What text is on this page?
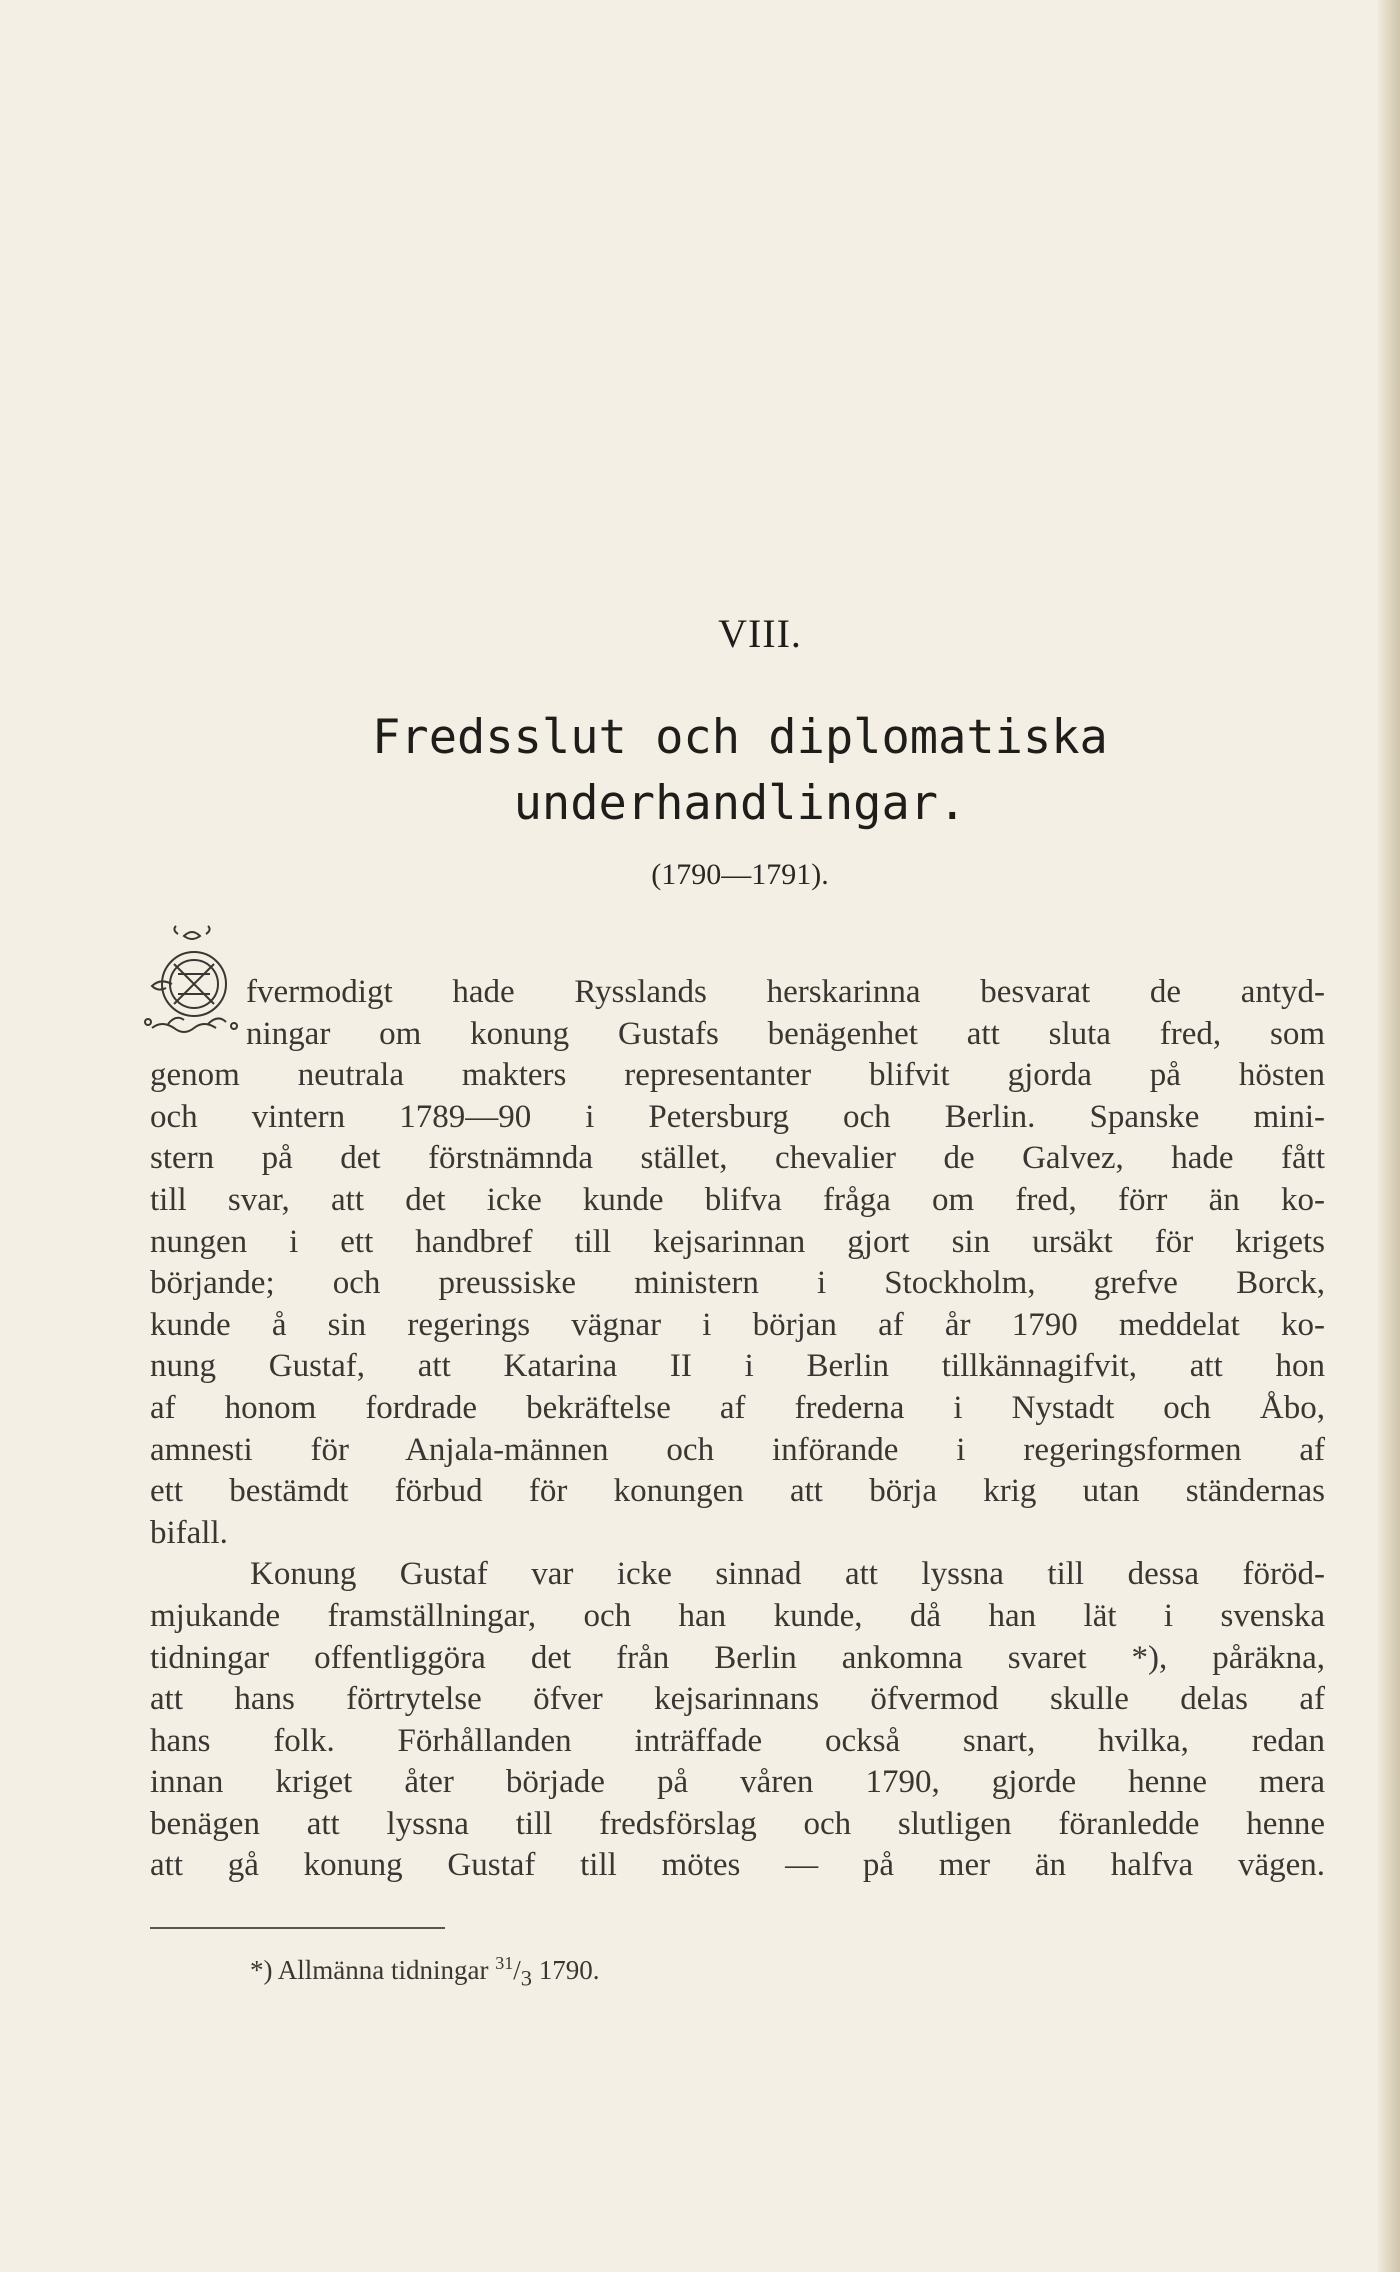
VIII.
Fredsslut och diplomatiska
underhandlingar.
(1790—1791).
fvermodigt hade Rysslands herskarinna besvarat de antyd-
ningar om konung Gustafs benägenhet att sluta fred, som
genom neutrala makters representanter blifvit gjorda på hösten
och vintern 1789—90 i Petersburg och Berlin. Spanske mini-
stern på det förstnämnda stället, chevalier de Galvez, hade fått
till svar, att det icke kunde blifva fråga om fred, förr än ko-
nungen i ett handbref till kejsarinnan gjort sin ursäkt för krigets
börjande; och preussiske ministern i Stockholm, grefve Borck,
kunde å sin regerings vägnar i början af år 1790 meddelat ko-
nung Gustaf, att Katarina II i Berlin tillkännagifvit, att hon
af honom fordrade bekräftelse af frederna i Nystadt och Åbo,
amnesti för Anjala-männen och införande i regeringsformen af
ett bestämdt förbud för konungen att börja krig utan ständernas
bifall.
Konung Gustaf var icke sinnad att lyssna till dessa föröd-
mjukande framställningar, och han kunde, då han lät i svenska
tidningar offentliggöra det från Berlin ankomna svaret *), påräkna,
att hans förtrytelse öfver kejsarinnans öfvermod skulle delas af
hans folk. Förhållanden inträffade också snart, hvilka, redan
innan kriget åter började på våren 1790, gjorde henne mera
benägen att lyssna till fredsförslag och slutligen föranledde henne
att gå konung Gustaf till mötes — på mer än halfva vägen.
*) Allmänna tidningar $^{31}/_3$ 1790.
